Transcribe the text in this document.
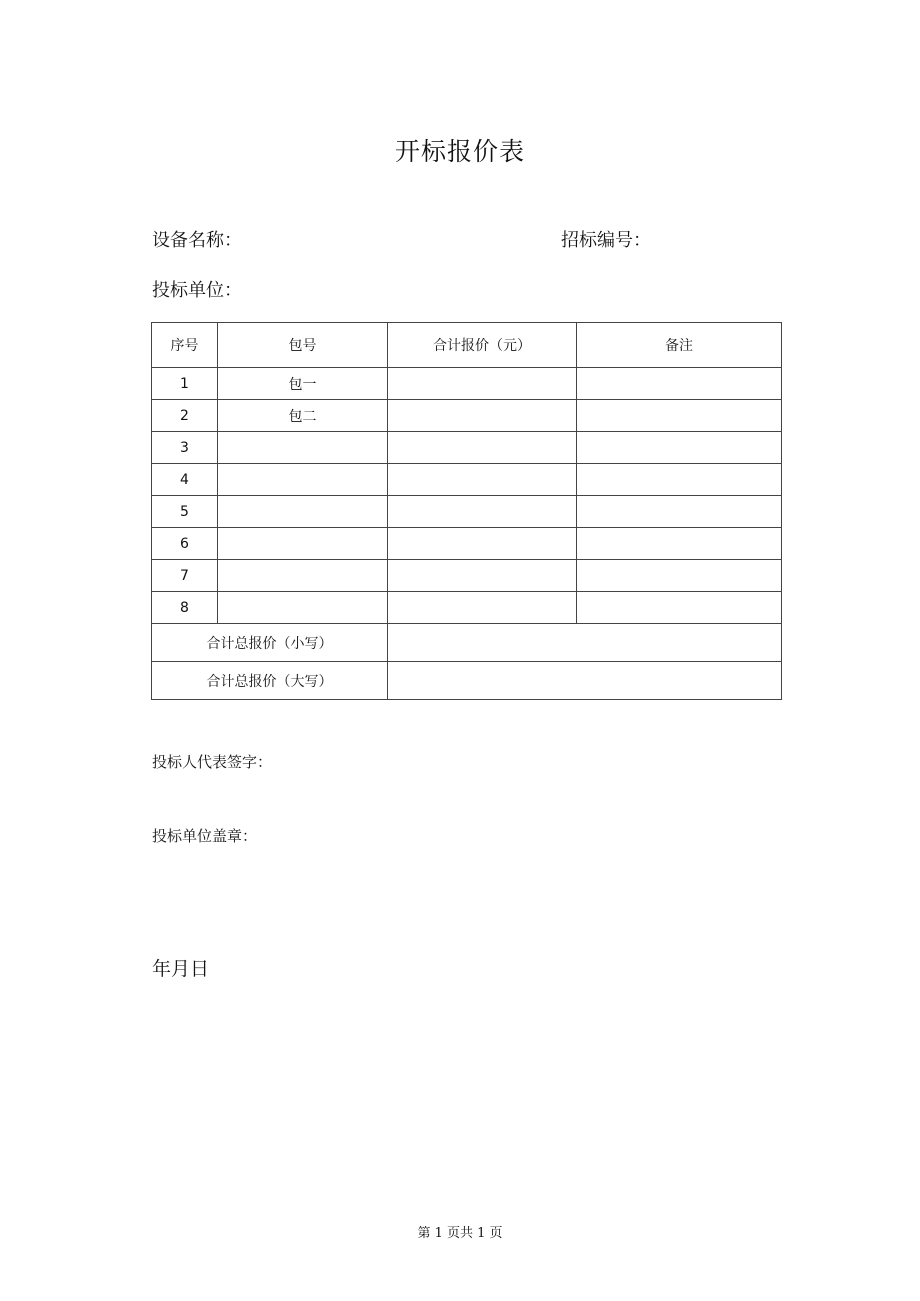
开标报价表
设备名称：	招标编号：
投标单位：
序号	包号	合计报价（元）	备注
1	包一		
2	包二		
3			
4			
5			
6			
7			
8			
合计总报价（小写）			
合计总报价（大写）			
投标人代表签字：
投标单位盖章：
年月日
第 1 页共 1 页
